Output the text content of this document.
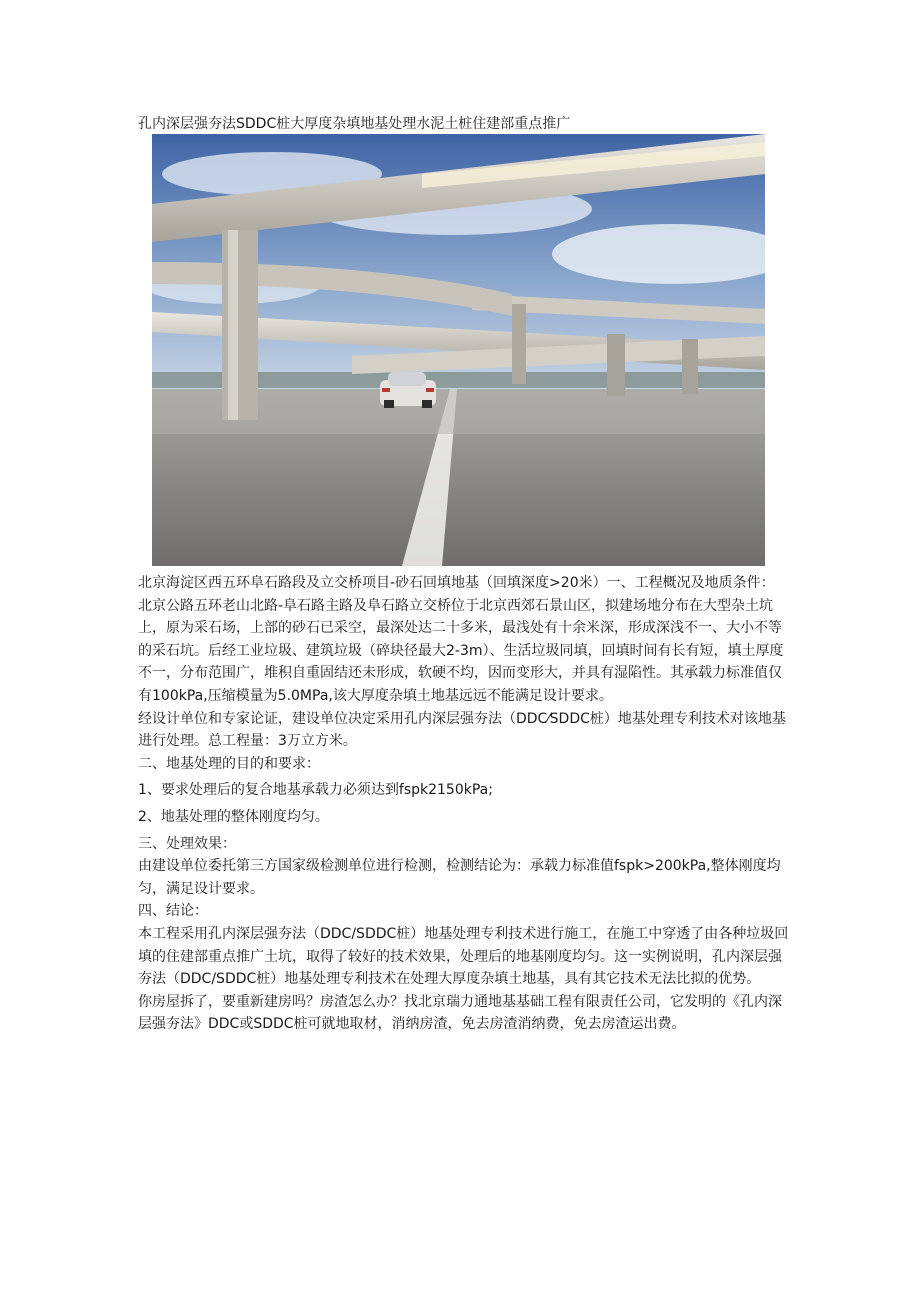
孔内深层强夯法SDDC桩大厚度杂填地基处理水泥土桩住建部重点推广

北京海淀区西五环阜石路段及立交桥项目-砂石回填地基（回填深度>20米）一、工程概况及地质条件：

北京公路五环老山北路-阜石路主路及阜石路立交桥位于北京西郊石景山区，拟建场地分布在大型杂土坑上，原为采石场，上部的砂石已采空，最深处达二十多米，最浅处有十余米深，形成深浅不一、大小不等的采石坑。后经工业垃圾、建筑垃圾（碎块径最大2-3m）、生活垃圾同填，回填时间有长有短，填土厚度不一，分布范围广，堆积自重固结还未形成，软硬不均，因而变形大，并具有湿陷性。其承载力标准值仅有100kPa,压缩模量为5.0MPa,该大厚度杂填土地基远远不能满足设计要求。

经设计单位和专家论证，建设单位决定采用孔内深层强夯法（DDC⁄SDDC桩）地基处理专利技术对该地基进行处理。总工程量：3万立方米。

二、地基处理的目的和要求：

1、要求处理后的复合地基承载力必须达到fspk2150kPa;

2、地基处理的整体刚度均匀。

三、处理效果：

由建设单位委托第三方国家级检测单位进行检测，检测结论为：承载力标准值fspk>200kPa,整体刚度均匀，满足设计要求。

四、结论：

本工程采用孔内深层强夯法（DDC/SDDC桩）地基处理专利技术进行施工，在施工中穿透了由各种垃圾回填的住建部重点推广土坑，取得了较好的技术效果，处理后的地基刚度均匀。这一实例说明，孔内深层强夯法（DDC/SDDC桩）地基处理专利技术在处理大厚度杂填土地基，具有其它技术无法比拟的优势。

你房屋拆了，要重新建房吗？房渣怎么办？找北京瑞力通地基基础工程有限责任公司，它发明的《孔内深层强夯法》DDC或SDDC桩可就地取材，消纳房渣，免去房渣消纳费，免去房渣运出费。
